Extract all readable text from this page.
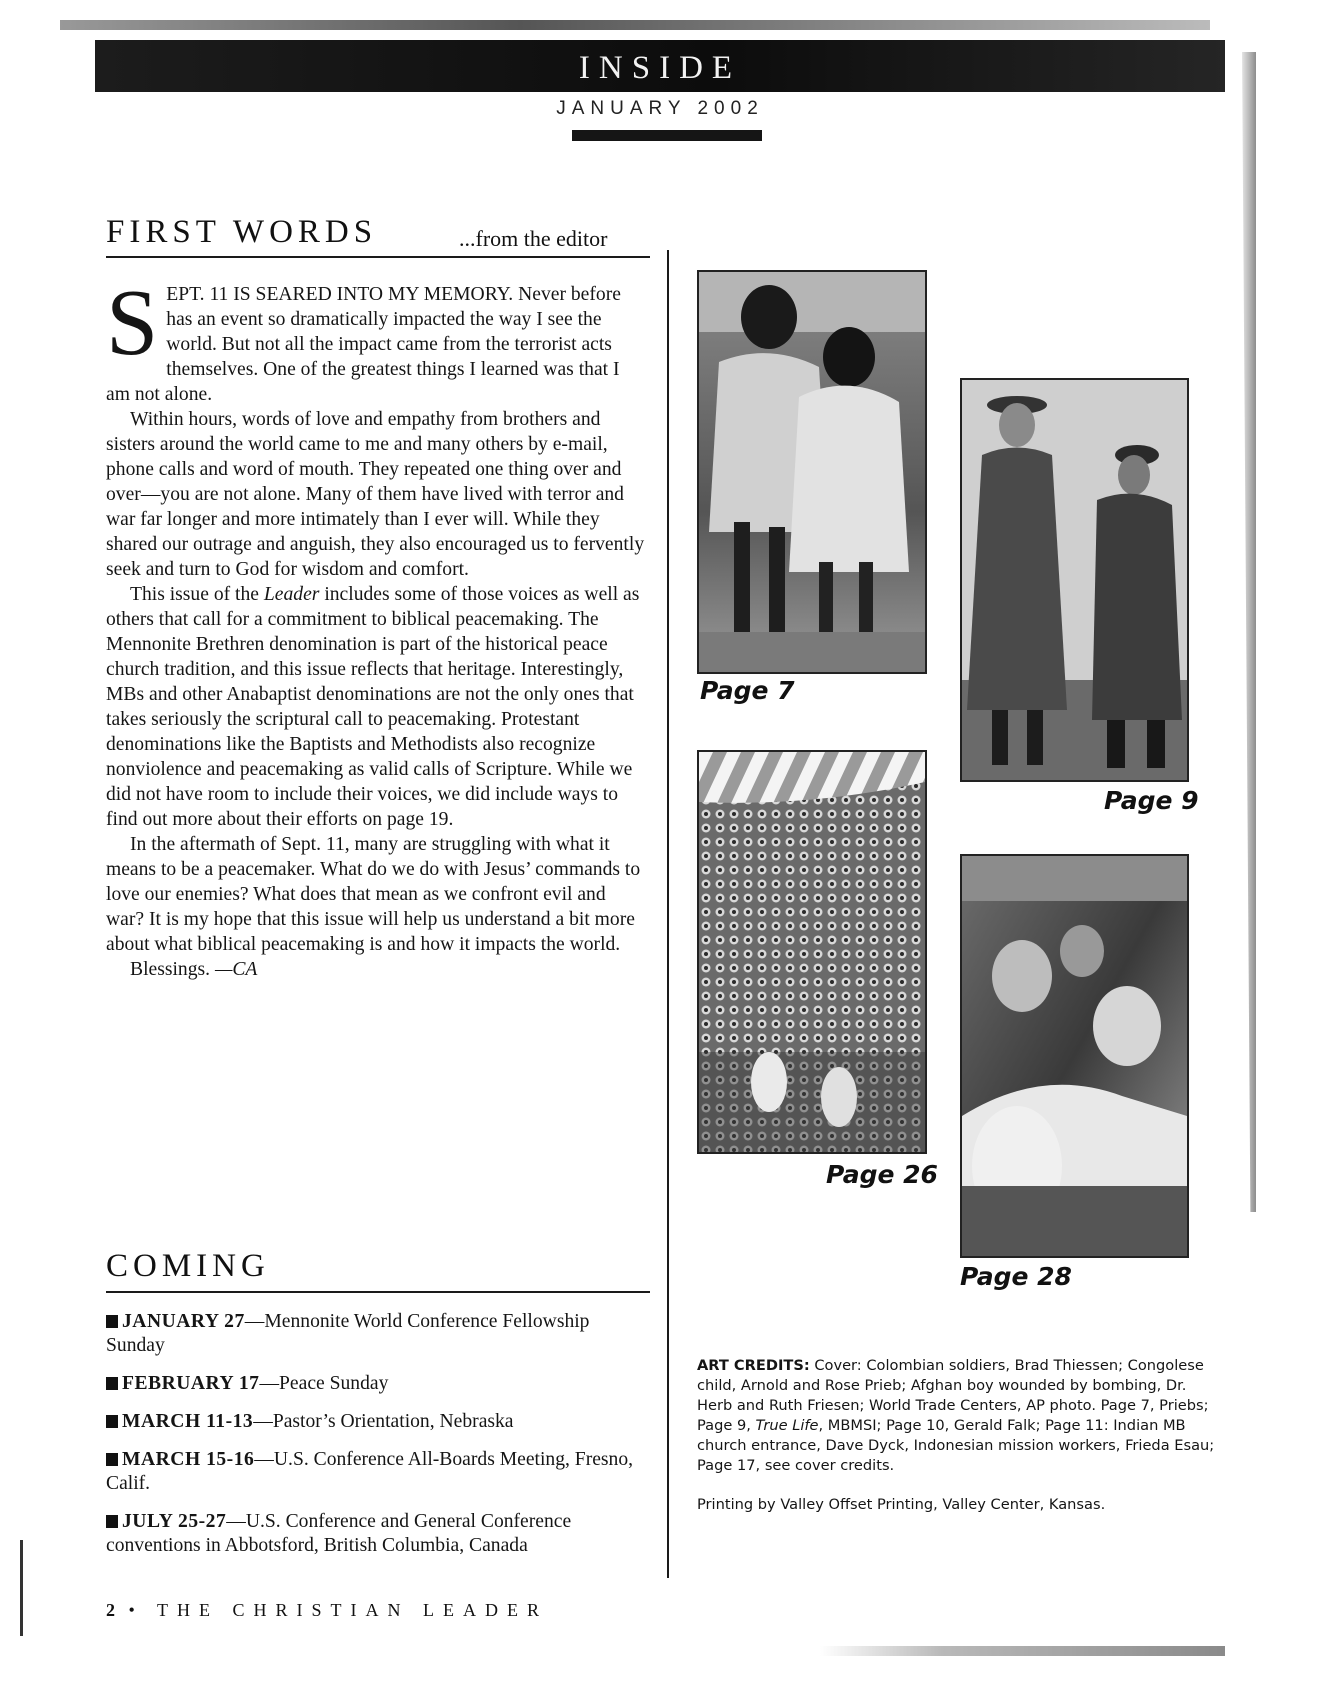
INSIDE
JANUARY 2002
FIRST WORDS	...from the editor

SEPT. 11 IS SEARED INTO MY MEMORY. Never before has an event so dramatically impacted the way I see the world. But not all the impact came from the terrorist acts themselves. One of the greatest things I learned was that I am not alone.

Within hours, words of love and empathy from brothers and sisters around the world came to me and many others by e-mail, phone calls and word of mouth. They repeated one thing over and over—you are not alone. Many of them have lived with terror and war far longer and more intimately than I ever will. While they shared our outrage and anguish, they also encouraged us to fervently seek and turn to God for wisdom and comfort.

This issue of the Leader includes some of those voices as well as others that call for a commitment to biblical peacemaking. The Mennonite Brethren denomination is part of the historical peace church tradition, and this issue reflects that heritage. Interestingly, MBs and other Anabaptist denominations are not the only ones that takes seriously the scriptural call to peacemaking. Protestant denominations like the Baptists and Methodists also recognize nonviolence and peacemaking as valid calls of Scripture. While we did not have room to include their voices, we did include ways to find out more about their efforts on page 19.

In the aftermath of Sept. 11, many are struggling with what it means to be a peacemaker. What do we do with Jesus’ commands to love our enemies? What does that mean as we confront evil and war? It is my hope that this issue will help us understand a bit more about what biblical peacemaking is and how it impacts the world.

Blessings. —CA

COMING
JANUARY 27—Mennonite World Conference Fellowship Sunday
FEBRUARY 17—Peace Sunday
MARCH 11-13—Pastor’s Orientation, Nebraska
MARCH 15-16—U.S. Conference All-Boards Meeting, Fresno, Calif.
JULY 25-27—U.S. Conference and General Conference conventions in Abbotsford, British Columbia, Canada
2 • THE CHRISTIAN LEADER
Page 7
Page 9
Page 26
Page 28

ART CREDITS: Cover: Colombian soldiers, Brad Thiessen; Congolese child, Arnold and Rose Prieb; Afghan boy wounded by bombing, Dr. Herb and Ruth Friesen; World Trade Centers, AP photo. Page 7, Priebs; Page 9, True Life, MBMSI; Page 10, Gerald Falk; Page 11: Indian MB church entrance, Dave Dyck, Indonesian mission workers, Frieda Esau; Page 17, see cover credits.

Printing by Valley Offset Printing, Valley Center, Kansas.
